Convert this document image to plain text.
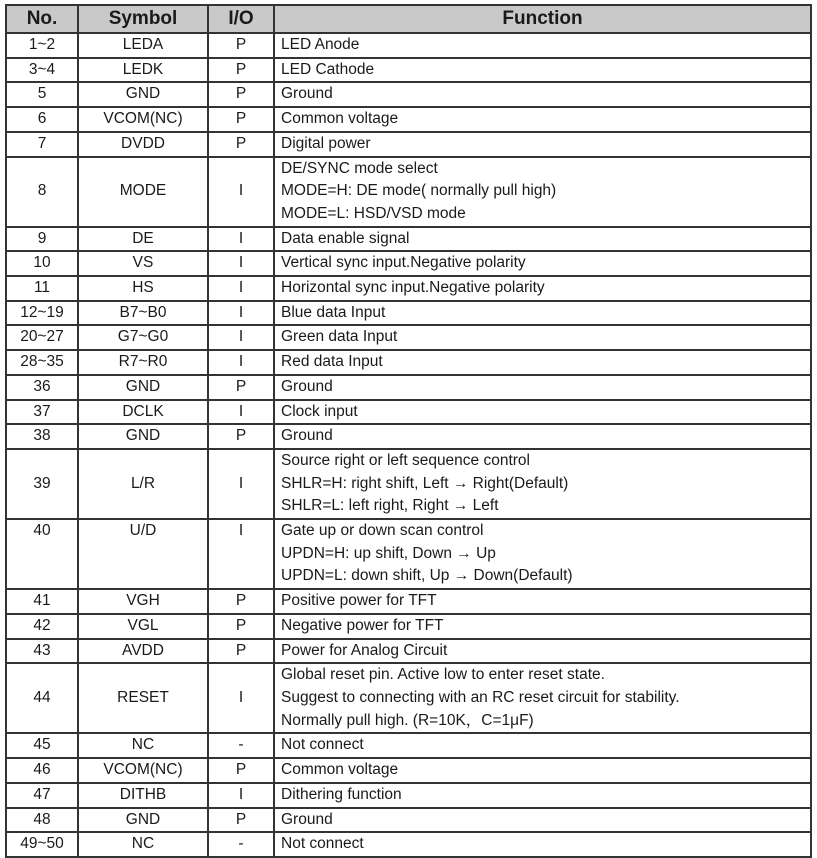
No.	Symbol	I/O	Function
1~2	LEDA	P	LED Anode

3~4	LEDK	P	LED Cathode

5	GND	P	Ground

6	VCOM(NC)	P	Common voltage

7	DVDD	P	Digital power

8	MODE	I	DE/SYNC mode select
MODE=H: DE mode( normally pull high)
MODE=L: HSD/VSD mode

9	DE	I	Data enable signal

10	VS	I	Vertical sync input.Negative polarity

11	HS	I	Horizontal sync input.Negative polarity

12~19	B7~B0	I	Blue data Input

20~27	G7~G0	I	Green data Input

28~35	R7~R0	I	Red data Input

36	GND	P	Ground

37	DCLK	I	Clock input

38	GND	P	Ground

39	L/R	I	Source right or left sequence control
SHLR=H: right shift, Left → Right(Default)
SHLR=L: left right, Right → Left

40	U/D	I	Gate up or down scan control
UPDN=H: up shift, Down → Up
UPDN=L: down shift, Up → Down(Default)

41	VGH	P	Positive power for TFT

42	VGL	P	Negative power for TFT

43	AVDD	P	Power for Analog Circuit

44	RESET	I	Global reset pin. Active low to enter reset state.
Suggest to connecting with an RC reset circuit for stability.
Normally pull high. (R=10K，C=1μF)

45	NC	-	Not connect

46	VCOM(NC)	P	Common voltage

47	DITHB	I	Dithering function

48	GND	P	Ground

49~50	NC	-	Not connect
